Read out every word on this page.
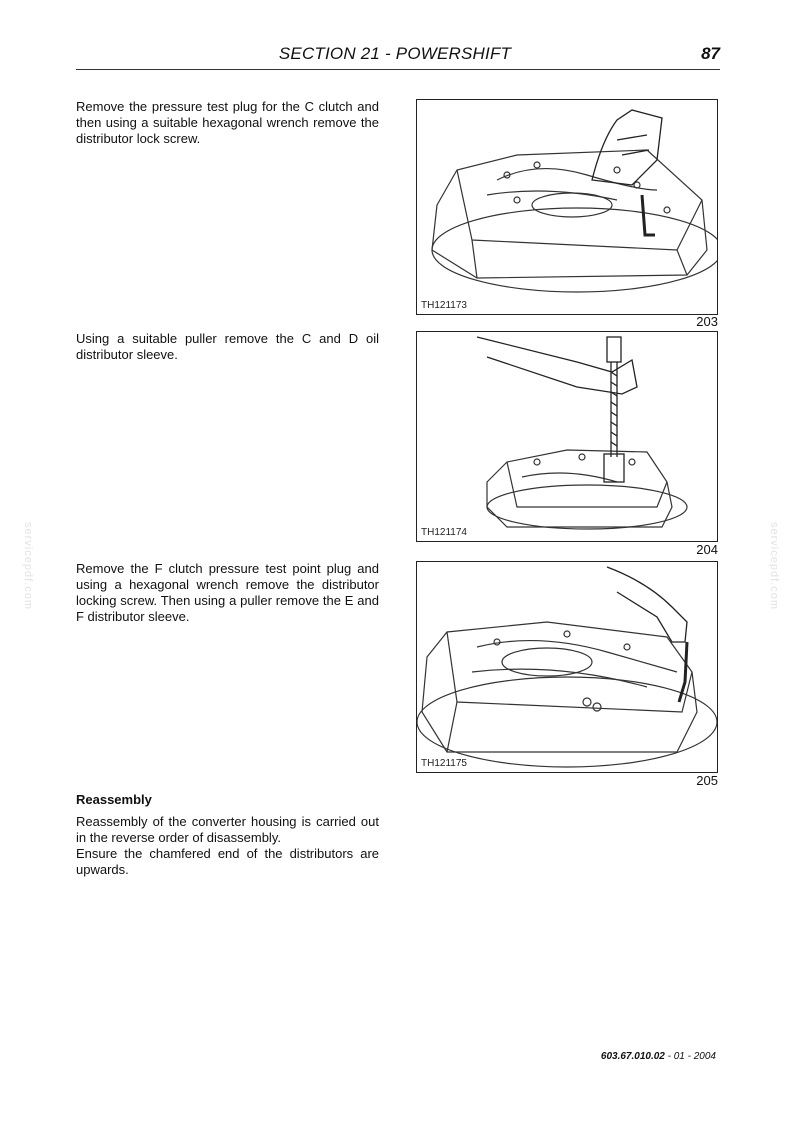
SECTION 21 - POWERSHIFT	87
servicepdf.com	servicepdf.com

Remove the pressure test plug for the C clutch and then using a suitable hexagonal wrench remove the distributor lock screw.

TH121173
203

Using a suitable puller remove the C and D oil distributor sleeve.

TH121174
204

Remove the F clutch pressure test point plug and using a hexagonal wrench remove the distributor locking screw. Then using a puller remove the E and F distributor sleeve.

TH121175
205
Reassembly

Reassembly of the converter housing is carried out in the reverse order of disassembly.
Ensure the chamfered end of the distributors are upwards.

603.67.010.02 - 01 - 2004
